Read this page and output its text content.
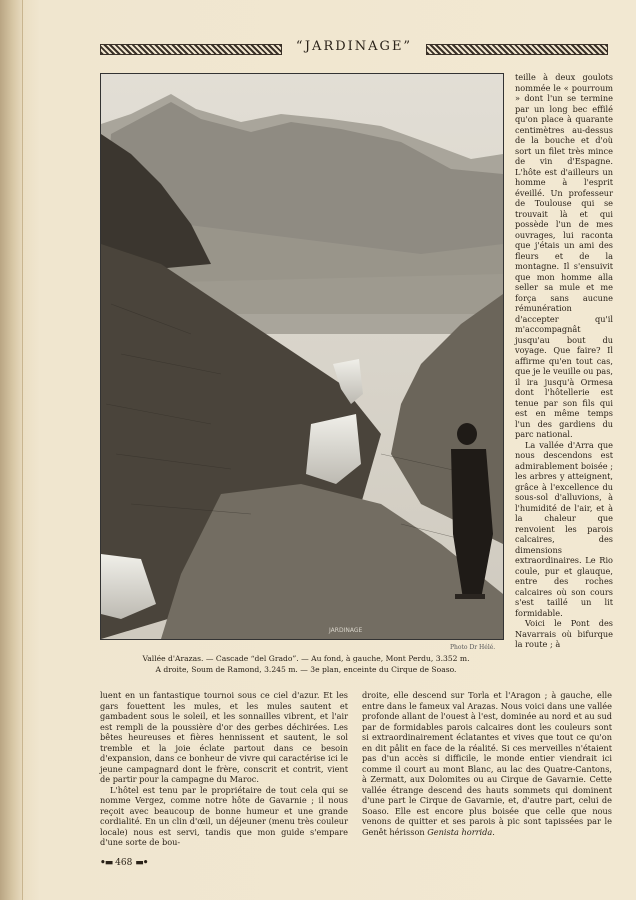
“JARDINAGE”
JARDINAGE
Photo Dr Hélé.
Vallée d'Arazas. — Cascade “del Grado”. — Au fond, à gauche, Mont Perdu, 3.352 m.
A droite, Soum de Ramond, 3.245 m. — 3e plan, enceinte du Cirque de Soaso.

teille à deux goulots nommée le « pourroum » dont l'un se termine par un long bec effilé qu'on place à quarante centimètres au-dessus de la bouche et d'où sort un filet très mince de vin d'Espagne. L'hôte est d'ailleurs un homme à l'esprit éveillé. Un professeur de Toulouse qui se trouvait là et qui possède l'un de mes ouvrages, lui raconta que j'étais un ami des fleurs et de la montagne. Il s'ensuivit que mon homme alla seller sa mule et me força sans aucune rémunération d'accepter qu'il m'accompagnât jusqu'au bout du voyage. Que faire? Il affirme qu'en tout cas, que je le veuille ou pas, il ira jusqu'à Ormesa dont l'hôtellerie est tenue par son fils qui est en même temps l'un des gardiens du parc national.

La vallée d'Arra que nous descendons est admirablement boisée ; les arbres y atteignent, grâce à l'excellence du sous-sol d'alluvions, à l'humidité de l'air, et à la chaleur que renvoient les parois calcaires, des dimensions extraordinaires. Le Rio coule, pur et glauque, entre des roches calcaires où son cours s'est taillé un lit formidable.

Voici le Pont des Navarrais où bifurque la route ; à

luent en un fantastique tournoi sous ce ciel d'azur. Et les gars fouettent les mules, et les mules sautent et gambadent sous le soleil, et les sonnailles vibrent, et l'air est rempli de la poussière d'or des gerbes déchirées. Les bêtes heureuses et fières hennissent et sautent, le sol tremble et la joie éclate partout dans ce besoin d'expansion, dans ce bonheur de vivre qui caractérise ici le jeune campagnard dont le frère, conscrit et contrit, vient de partir pour la campagne du Maroc.

L'hôtel est tenu par le propriétaire de tout cela qui se nomme Vergez, comme notre hôte de Gavarnie ; il nous reçoit avec beaucoup de bonne humeur et une grande cordialité. En un clin d'œil, un déjeuner (menu très couleur locale) nous est servi, tandis que mon guide s'empare d'une sorte de bou-

droite, elle descend sur Torla et l'Aragon ; à gauche, elle entre dans le fameux val Arazas. Nous voici dans une vallée profonde allant de l'ouest à l'est, dominée au nord et au sud par de formidables parois calcaires dont les couleurs sont si extraordinairement éclatantes et vives que tout ce qu'on en dit pâlit en face de la réalité. Si ces merveilles n'étaient pas d'un accès si difficile, le monde entier viendrait ici comme il court au mont Blanc, au lac des Quatre-Cantons, à Zermatt, aux Dolomites ou au Cirque de Gavarnie. Cette vallée étrange descend des hauts sommets qui dominent d'une part le Cirque de Gavarnie, et, d'autre part, celui de Soaso. Elle est encore plus boisée que celle que nous venons de quitter et ses parois à pic sont tapissées par le Genêt hérisson Genista horrida.

•▬ 468 ▬•
